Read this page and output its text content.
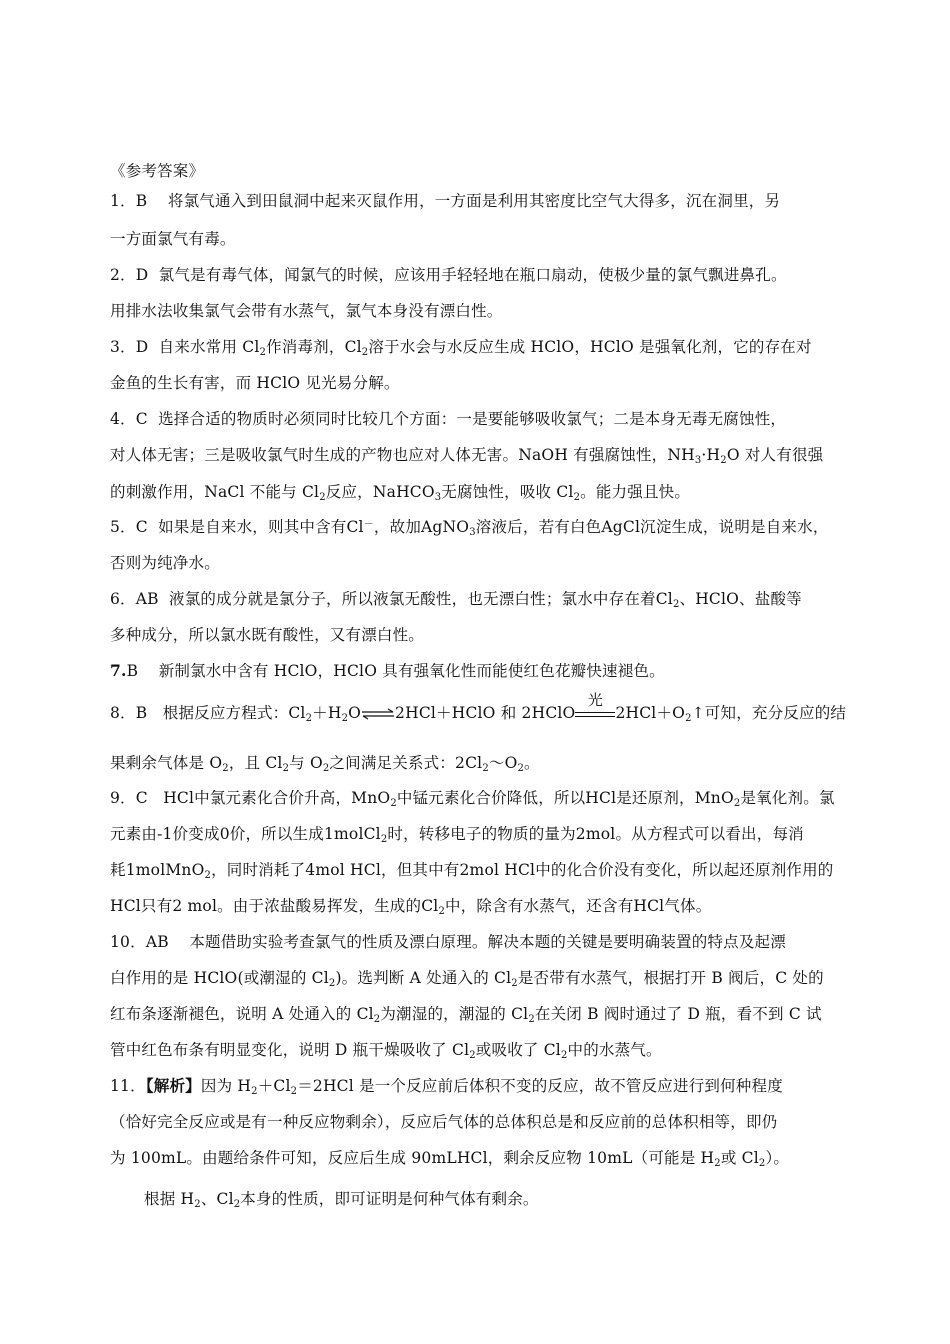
《参考答案》
1．B 将氯气通入到田鼠洞中起来灭鼠作用，一方面是利用其密度比空气大得多，沉在洞里，另
一方面氯气有毒。
2．D 氯气是有毒气体，闻氯气的时候，应该用手轻轻地在瓶口扇动，使极少量的氯气飘进鼻孔。
用排水法收集氯气会带有水蒸气，氯气本身没有漂白性。
3．D 自来水常用 $Cl_2$作消毒剂，$Cl_2$溶于水会与水反应生成 HClO，HClO 是强氧化剂，它的存在对
金鱼的生长有害，而 HClO 见光易分解。
4．C 选择合适的物质时必须同时比较几个方面：一是要能够吸收氯气；二是本身无毒无腐蚀性，
对人体无害；三是吸收氯气时生成的产物也应对人体无害。NaOH 有强腐蚀性，$NH_3\cdot H_2O$ 对人有很强
的刺激作用，NaCl 不能与 $Cl_2$反应，NaHCO$_3$无腐蚀性，吸收 $Cl_2$。能力强且快。
5．C 如果是自来水，则其中含有Cl－，故加AgNO$_3$溶液后，若有白色AgCl沉淀生成，说明是自来水，
否则为纯净水。
6．AB 液氯的成分就是氯分子，所以液氯无酸性，也无漂白性；氯水中存在着$Cl_2$、HClO、盐酸等
多种成分，所以氯水既有酸性，又有漂白性。
7.B 新制氯水中含有 HClO，HClO 具有强氧化性而能使红色花瓣快速褪色。
8．B 根据反应方程式：$Cl_2+H_2O\rightleftharpoons 2HCl+HClO$ 和 2HClO
光
$2HCl+O_2↑$可知，充分反应的结
果剩余气体是 $O_2$，且 $Cl_2$与 $O_2$之间满足关系式：$2Cl_2\sim O_2$。
9．C HCl中氯元素化合价升高，MnO$_2$中锰元素化合价降低，所以HCl是还原剂，MnO$_2$是氧化剂。氯
元素由-1价变成0价，所以生成1molCl$_2$时，转移电子的物质的量为2mol。从方程式可以看出，每消
耗1molMnO$_2$，同时消耗了4mol HCl，但其中有2mol HCl中的化合价没有变化，所以起还原剂作用的
HCl只有2 mol。由于浓盐酸易挥发，生成的$Cl_2$中，除含有水蒸气，还含有HCl气体。
10．AB 本题借助实验考查氯气的性质及漂白原理。解决本题的关键是要明确装置的特点及起漂
白作用的是 HClO(或潮湿的 $Cl_2$)。选判断 A 处通入的 $Cl_2$是否带有水蒸气，根据打开 B 阀后，C 处的
红布条逐渐褪色，说明 A 处通入的 $Cl_2$为潮湿的，潮湿的 $Cl_2$在关闭 B 阀时通过了 D 瓶，看不到 C 试
管中红色布条有明显变化，说明 D 瓶干燥吸收了 $Cl_2$或吸收了 $Cl_2$中的水蒸气。
11．【解析】因为 $H_2+Cl_2=2HCl$ 是一个反应前后体积不变的反应，故不管反应进行到何种程度
（恰好完全反应或是有一种反应物剩余），反应后气体的总体积总是和反应前的总体积相等，即仍
为 100mL。由题给条件可知，反应后生成 90mLHCl，剩余反应物 10mL（可能是 $H_2$或 $Cl_2$）。
根据 $H_2$、$Cl_2$本身的性质，即可证明是何种气体有剩余。
